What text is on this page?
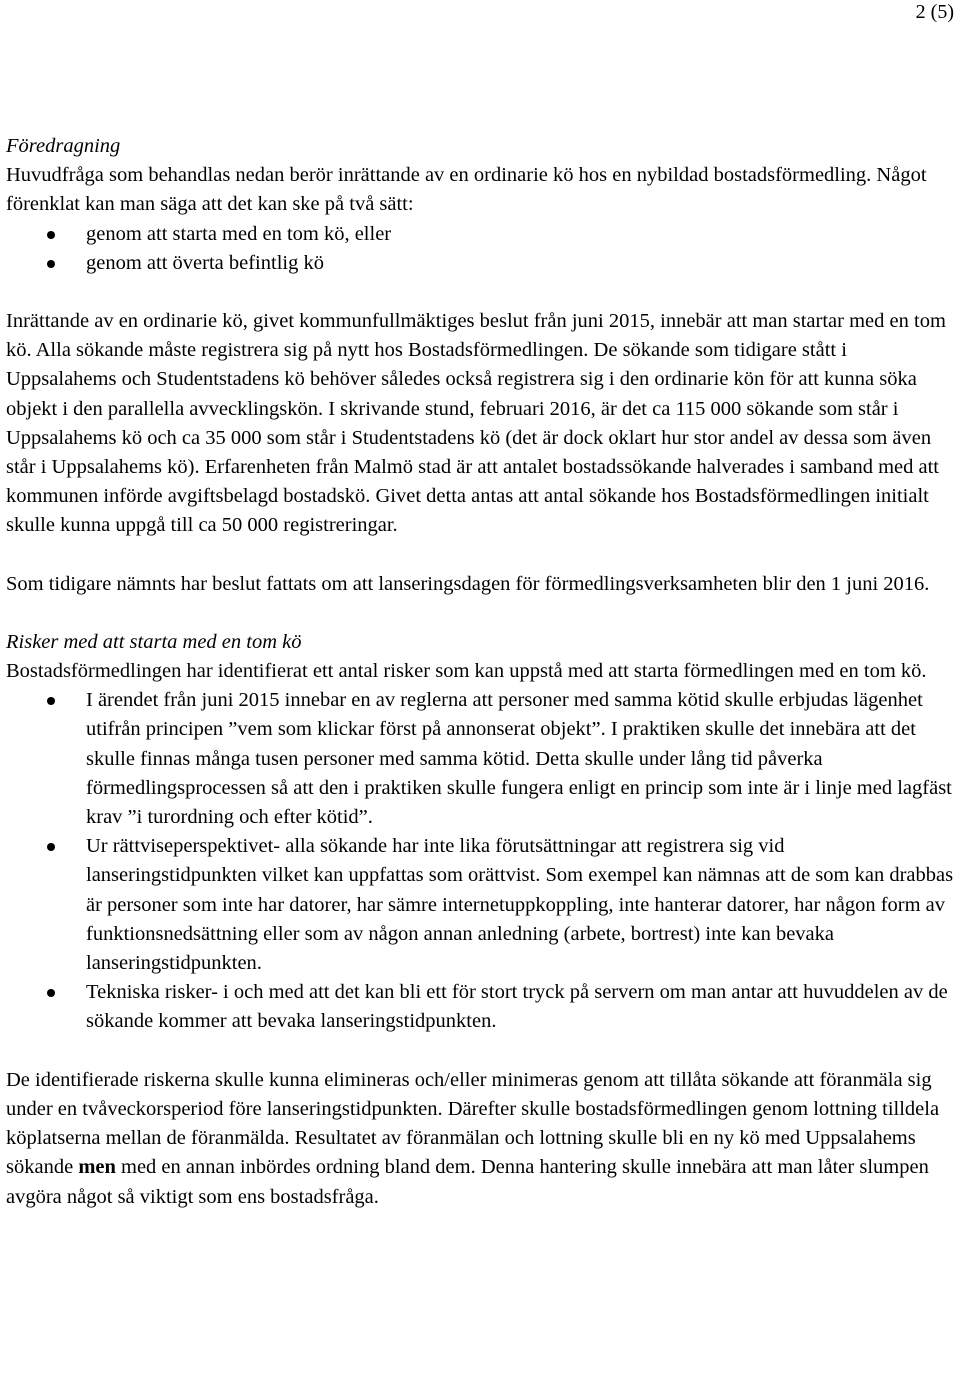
2 (5)

Föredragning

Huvudfråga som behandlas nedan berör inrättande av en ordinarie kö hos en nybildad bostadsförmedling. Något förenklat kan man säga att det kan ske på två sätt:

genom att starta med en tom kö, eller
genom att överta befintlig kö

Inrättande av en ordinarie kö, givet kommunfullmäktiges beslut från juni 2015, innebär att man startar med en tom kö. Alla sökande måste registrera sig på nytt hos Bostadsförmedlingen. De sökande som tidigare stått i Uppsalahems och Studentstadens kö behöver således också registrera sig i den ordinarie kön för att kunna söka objekt i den parallella avvecklingskön. I skrivande stund, februari 2016, är det ca 115 000 sökande som står i Uppsalahems kö och ca 35 000 som står i Studentstadens kö (det är dock oklart hur stor andel av dessa som även står i Uppsalahems kö). Erfarenheten från Malmö stad är att antalet bostadssökande halverades i samband med att kommunen införde avgiftsbelagd bostadskö. Givet detta antas att antal sökande hos Bostadsförmedlingen initialt skulle kunna uppgå till ca 50 000 registreringar.

Som tidigare nämnts har beslut fattats om att lanseringsdagen för förmedlingsverksamheten blir den 1 juni 2016.

Risker med att starta med en tom kö

Bostadsförmedlingen har identifierat ett antal risker som kan uppstå med att starta förmedlingen med en tom kö.

I ärendet från juni 2015 innebar en av reglerna att personer med samma kötid skulle erbjudas lägenhet utifrån principen ”vem som klickar först på annonserat objekt”. I praktiken skulle det innebära att det skulle finnas många tusen personer med samma kötid. Detta skulle under lång tid påverka förmedlingsprocessen så att den i praktiken skulle fungera enligt en princip som inte är i linje med lagfäst krav ”i turordning och efter kötid”.
Ur rättviseperspektivet- alla sökande har inte lika förutsättningar att registrera sig vid lanseringstidpunkten vilket kan uppfattas som orättvist. Som exempel kan nämnas att de som kan drabbas är personer som inte har datorer, har sämre internetuppkoppling, inte hanterar datorer, har någon form av funktionsnedsättning eller som av någon annan anledning (arbete, bortrest) inte kan bevaka lanseringstidpunkten.
Tekniska risker- i och med att det kan bli ett för stort tryck på servern om man antar att huvuddelen av de sökande kommer att bevaka lanseringstidpunkten.

De identifierade riskerna skulle kunna elimineras och/eller minimeras genom att tillåta sökande att föranmäla sig under en tvåveckorsperiod före lanseringstidpunkten. Därefter skulle bostadsförmedlingen genom lottning tilldela köplatserna mellan de föranmälda. Resultatet av föranmälan och lottning skulle bli en ny kö med Uppsalahems sökande men med en annan inbördes ordning bland dem. Denna hantering skulle innebära att man låter slumpen avgöra något så viktigt som ens bostadsfråga.
